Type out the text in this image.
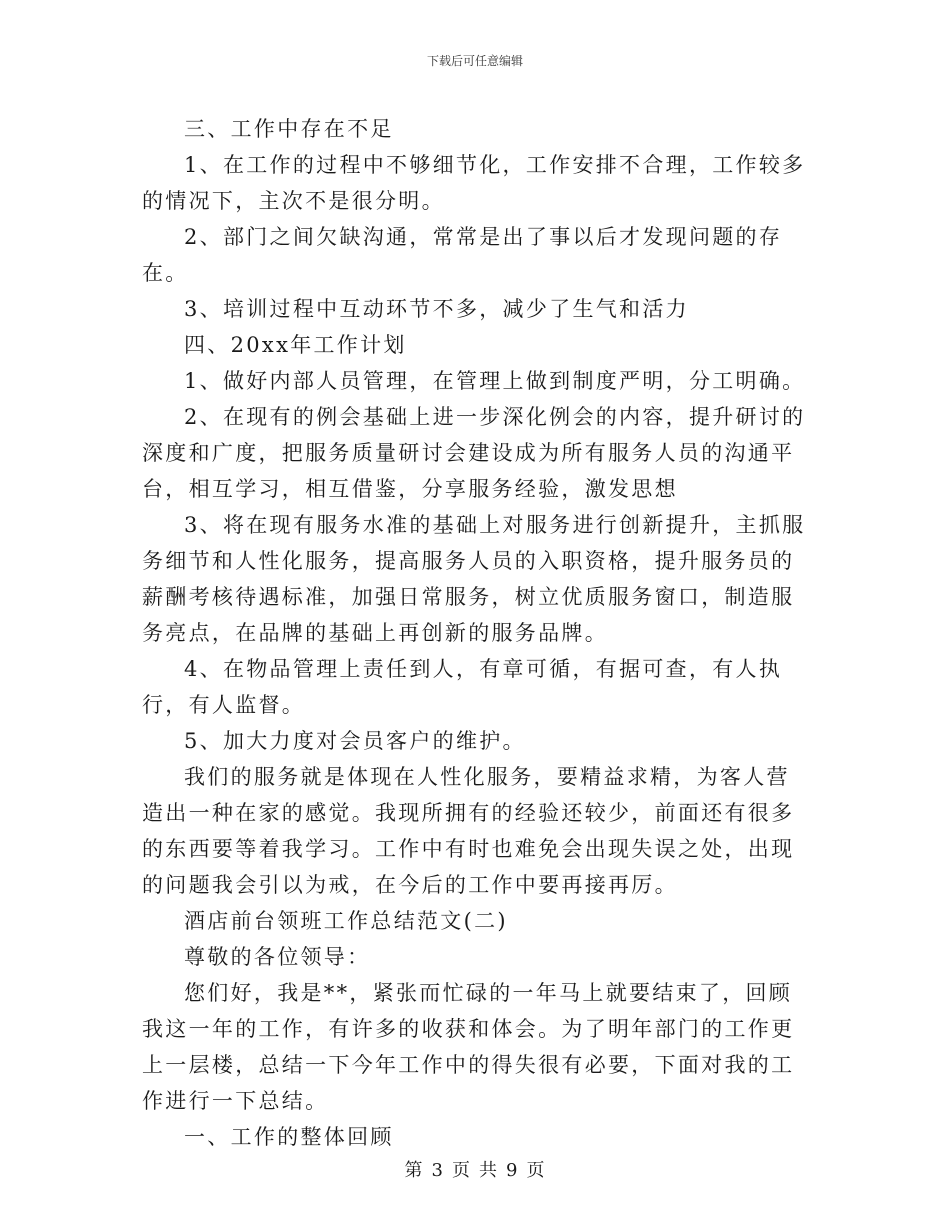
下载后可任意编辑

三、工作中存在不足

1、在工作的过程中不够细节化，工作安排不合理，工作较多的情况下，主次不是很分明。

2、部门之间欠缺沟通，常常是出了事以后才发现问题的存在。

3、培训过程中互动环节不多，减少了生气和活力

四、20xx年工作计划

1、做好内部人员管理，在管理上做到制度严明，分工明确。

2、在现有的例会基础上进一步深化例会的内容，提升研讨的深度和广度，把服务质量研讨会建设成为所有服务人员的沟通平台，相互学习，相互借鉴，分享服务经验，激发思想

3、将在现有服务水准的基础上对服务进行创新提升，主抓服务细节和人性化服务，提高服务人员的入职资格，提升服务员的薪酬考核待遇标准，加强日常服务，树立优质服务窗口，制造服务亮点，在品牌的基础上再创新的服务品牌。

4、在物品管理上责任到人，有章可循，有据可查，有人执行，有人监督。

5、加大力度对会员客户的维护。

我们的服务就是体现在人性化服务，要精益求精，为客人营造出一种在家的感觉。我现所拥有的经验还较少，前面还有很多的东西要等着我学习。工作中有时也难免会出现失误之处，出现的问题我会引以为戒，在今后的工作中要再接再厉。

酒店前台领班工作总结范文(二)

尊敬的各位领导：

您们好，我是**，紧张而忙碌的一年马上就要结束了，回顾我这一年的工作，有许多的收获和体会。为了明年部门的工作更上一层楼，总结一下今年工作中的得失很有必要，下面对我的工作进行一下总结。

一、工作的整体回顾

第 3 页 共 9 页
